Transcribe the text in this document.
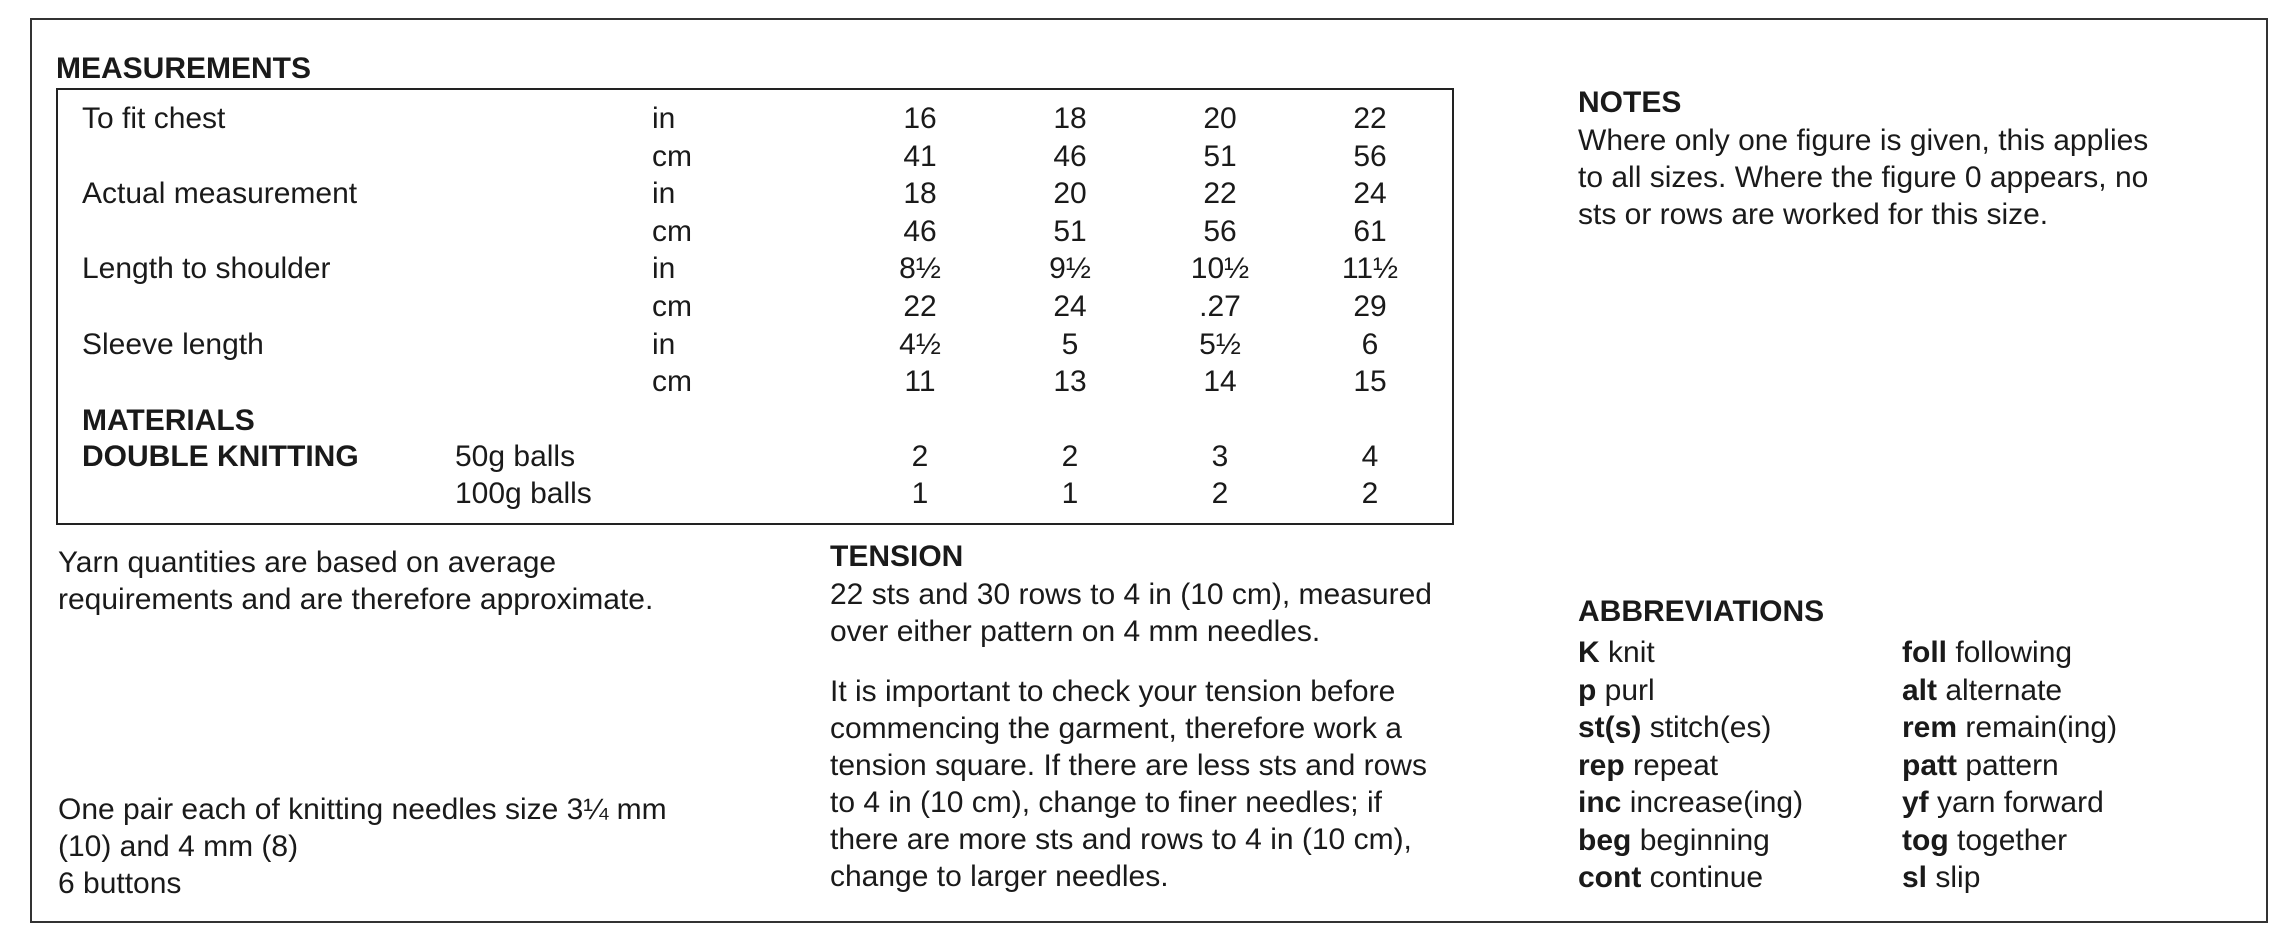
MEASUREMENTS
To fit chest	in	16	18	20	22
cm	41	46	51	56
Actual measurement	in	18	20	22	24
cm	46	51	56	61
Length to shoulder	in	8½	9½	10½	11½
cm	22	24	.27	29
Sleeve length	in	4½	5	5½	6
cm	11	13	14	15
MATERIALS
DOUBLE KNITTING	50g balls	2	2	3	4
100g balls	1	1	2	2
Yarn quantities are based on average
requirements and are therefore approximate.
One pair each of knitting needles size 3¼ mm
(10) and 4 mm (8)
6 buttons
TENSION
22 sts and 30 rows to 4 in (10 cm), measured
over either pattern on 4 mm needles.
It is important to check your tension before
commencing the garment, therefore work a
tension square. If there are less sts and rows
to 4 in (10 cm), change to finer needles; if
there are more sts and rows to 4 in (10 cm),
change to larger needles.
NOTES
Where only one figure is given, this applies
to all sizes. Where the figure 0 appears, no
sts or rows are worked for this size.
ABBREVIATIONS
K knit
p purl
st(s) stitch(es)
rep repeat
inc increase(ing)
beg beginning
cont continue
foll following
alt alternate
rem remain(ing)
patt pattern
yf yarn forward
tog together
sl slip
